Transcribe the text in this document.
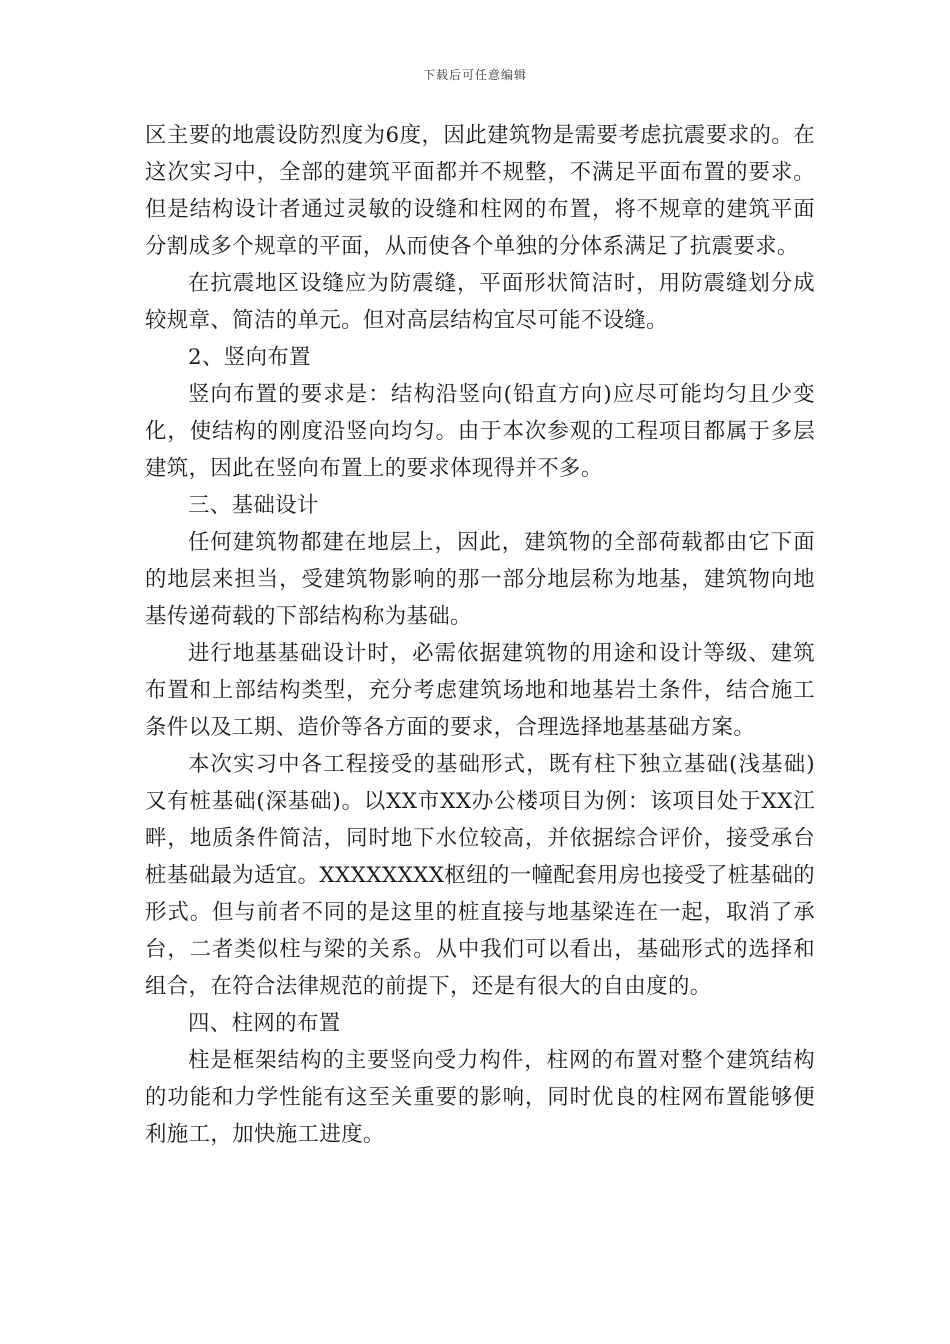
下载后可任意编辑

区主要的地震设防烈度为6度，因此建筑物是需要考虑抗震要求的。在这次实习中，全部的建筑平面都并不规整，不满足平面布置的要求。但是结构设计者通过灵敏的设缝和柱网的布置，将不规章的建筑平面分割成多个规章的平面，从而使各个单独的分体系满足了抗震要求。

在抗震地区设缝应为防震缝，平面形状简洁时，用防震缝划分成较规章、简洁的单元。但对高层结构宜尽可能不设缝。

2、竖向布置

竖向布置的要求是：结构沿竖向(铅直方向)应尽可能均匀且少变化，使结构的刚度沿竖向均匀。由于本次参观的工程项目都属于多层建筑，因此在竖向布置上的要求体现得并不多。

三、基础设计

任何建筑物都建在地层上，因此，建筑物的全部荷载都由它下面的地层来担当，受建筑物影响的那一部分地层称为地基，建筑物向地基传递荷载的下部结构称为基础。

进行地基基础设计时，必需依据建筑物的用途和设计等级、建筑布置和上部结构类型，充分考虑建筑场地和地基岩土条件，结合施工条件以及工期、造价等各方面的要求，合理选择地基基础方案。

本次实习中各工程接受的基础形式，既有柱下独立基础(浅基础)又有桩基础(深基础)。以XX市XX办公楼项目为例：该项目处于XX江畔，地质条件简洁，同时地下水位较高，并依据综合评价，接受承台桩基础最为适宜。XXXXXXXX枢纽的一幢配套用房也接受了桩基础的形式。但与前者不同的是这里的桩直接与地基梁连在一起，取消了承台，二者类似柱与梁的关系。从中我们可以看出，基础形式的选择和组合，在符合法律规范的前提下，还是有很大的自由度的。

四、柱网的布置

柱是框架结构的主要竖向受力构件，柱网的布置对整个建筑结构的功能和力学性能有这至关重要的影响，同时优良的柱网布置能够便利施工，加快施工进度。
